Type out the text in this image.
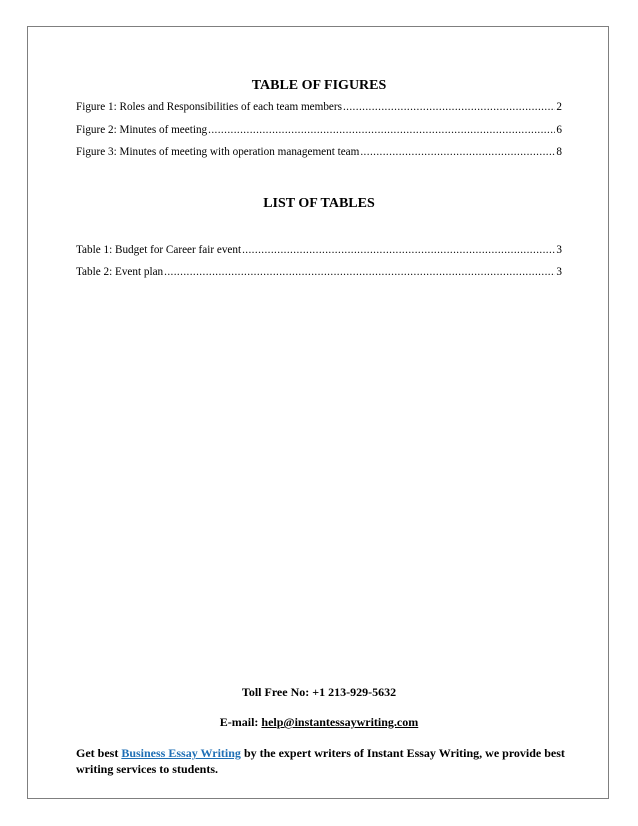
TABLE OF FIGURES
Figure 1: Roles and Responsibilities of each team members .....	2
Figure 2: Minutes of meeting .....	6
Figure 3: Minutes of meeting with operation management team .....	8
LIST OF TABLES
Table 1: Budget for Career fair event .....	3
Table 2: Event plan .....	3
Toll Free No: +1 213-929-5632
E-mail: help@instantessaywriting.com
Get best Business Essay Writing by the expert writers of Instant Essay Writing, we provide best writing services to students.
